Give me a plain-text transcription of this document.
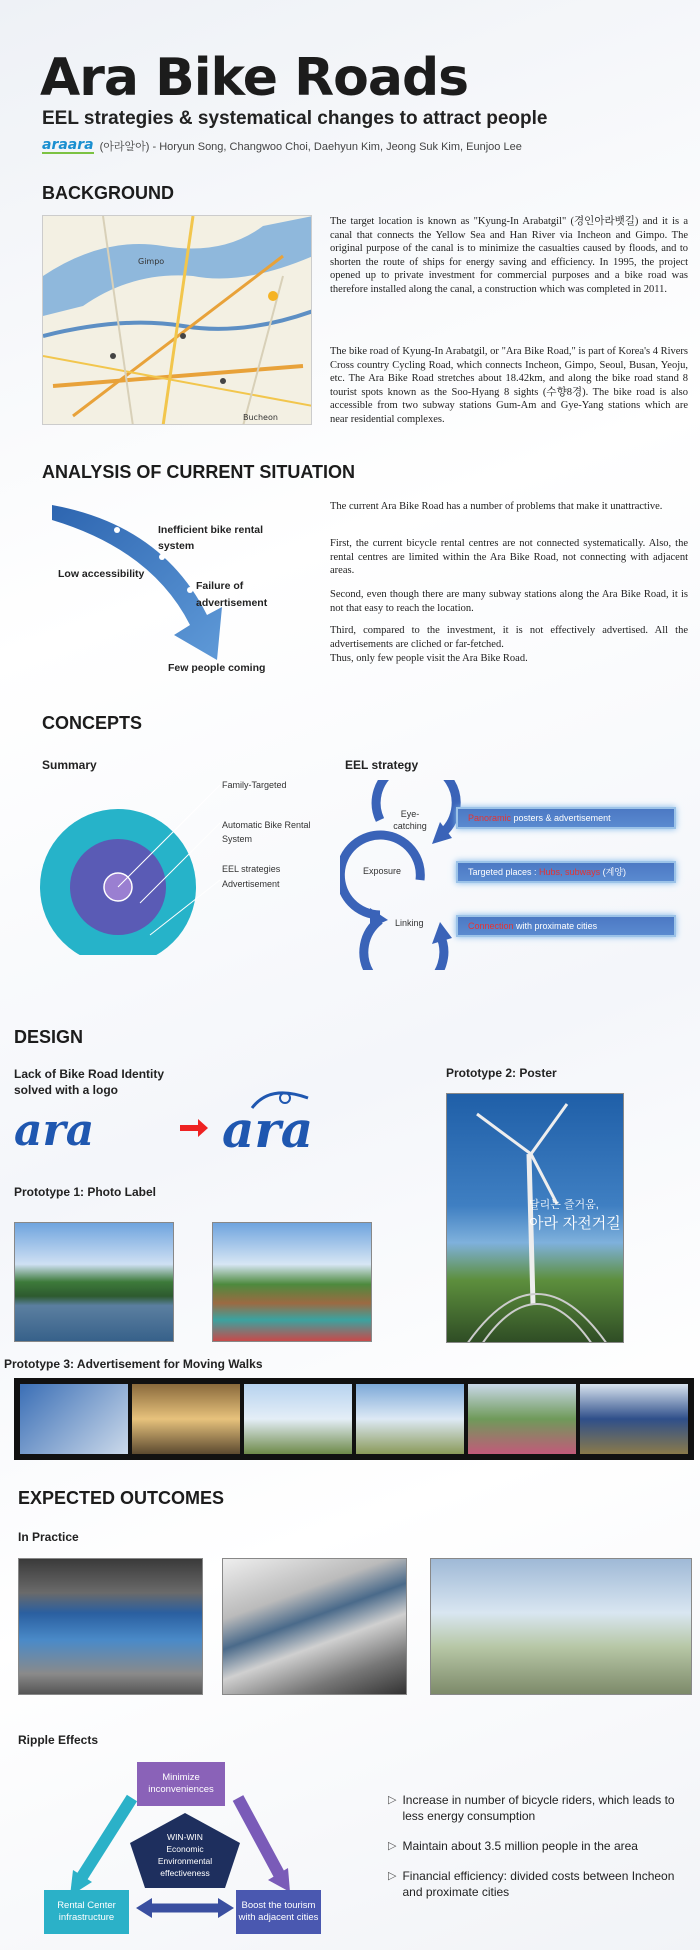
Ara Bike Roads
EEL strategies & systematical changes to attract people
araara (아라알아) - Horyun Song, Changwoo Choi, Daehyun Kim, Jeong Suk Kim, Eunjoo Lee
BACKGROUND
Gimpo
Bucheon
The target location is known as "Kyung-In Arabatgil" (경인아라뱃길) and it is a canal that connects the Yellow Sea and Han River via Incheon and Gimpo. The original purpose of the canal is to minimize the casualties caused by floods, and to shorten the route of ships for energy saving and efficiency. In 1995, the project opened up to private investment for commercial purposes and a bike road was therefore installed along the canal, a construction which was completed in 2011.
The bike road of Kyung-In Arabatgil, or "Ara Bike Road," is part of Korea's 4 Rivers Cross country Cycling Road, which connects Incheon, Gimpo, Seoul, Busan, Yeoju, etc. The Ara Bike Road stretches about 18.42km, and along the bike road stand 8 tourist spots known as the Soo-Hyang 8 sights (수향8경). The bike road is also accessible from two subway stations Gum-Am and Gye-Yang stations which are near residential complexes.
ANALYSIS OF CURRENT SITUATION
Inefficient bike rental system
Low accessibility
Failure of advertisement
Few people coming
The current Ara Bike Road has a number of problems that make it unattractive.
First, the current bicycle rental centres are not connected systematically. Also, the rental centres are limited within the Ara Bike Road, not connecting with adjacent areas.
Second, even though there are many subway stations along the Ara Bike Road, it is not that easy to reach the location.
Third, compared to the investment, it is not effectively advertised. All the advertisements are cliched or far-fetched.
Thus, only few people visit the Ara Bike Road.
CONCEPTS
Summary
Family-Targeted
Automatic Bike Rental System
EEL strategies Advertisement
EEL strategy
Eye-catching
Exposure
Linking
Panoramic posters & advertisement
Targeted places : Hubs, subways (계양)
Connection with proximate cities
DESIGN
Lack of Bike Road Identity solved with a logo
ara	ara
Prototype 1: Photo Label
Prototype 2: Poster
달리는 즐거움,
아라 자전거길
Prototype 3: Advertisement for Moving Walks
EXPECTED OUTCOMES
In Practice
Ripple Effects
Minimize inconveniences
WIN-WIN Economic Environmental effectiveness
Rental Center infrastructure
Boost the tourism with adjacent cities
▷ Increase in number of bicycle riders, which leads to less energy consumption
▷ Maintain about 3.5 million people in the area
▷ Financial efficiency: divided costs between Incheon and proximate cities
